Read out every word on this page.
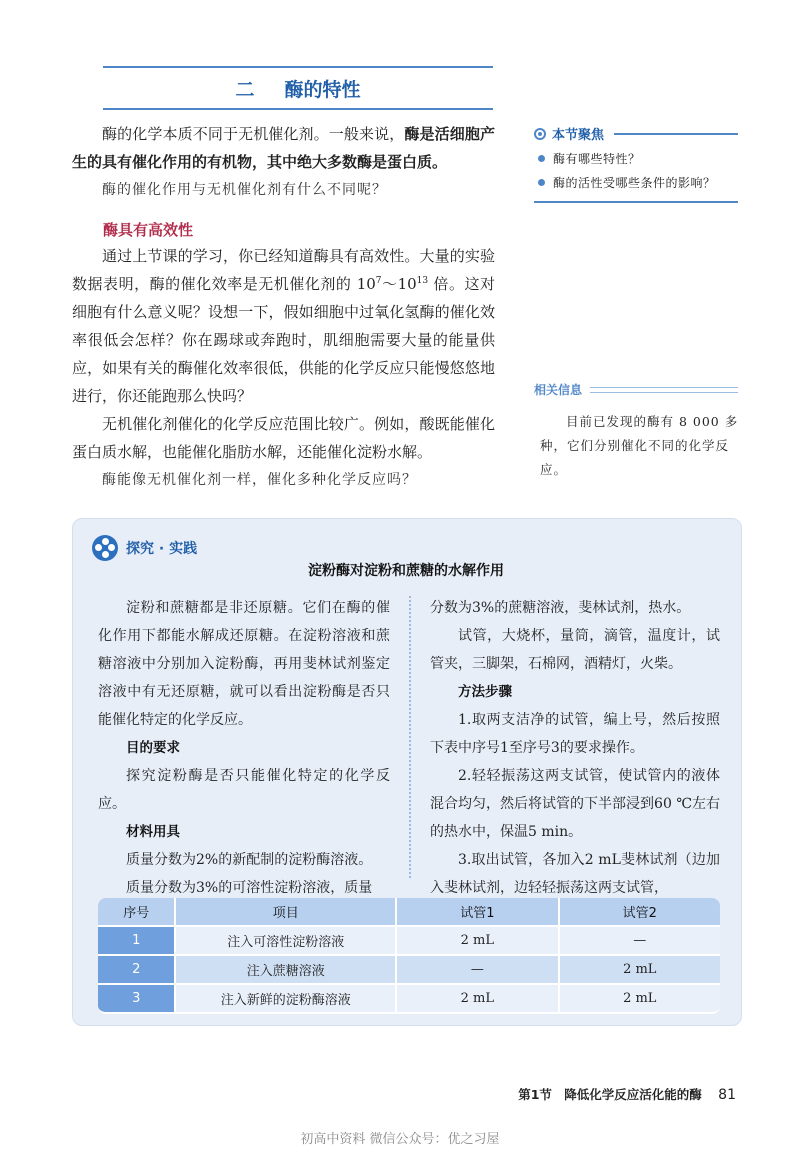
二 酶的特性

酶的化学本质不同于无机催化剂。一般来说，酶是活细胞产生的具有催化作用的有机物，其中绝大多数酶是蛋白质。

酶的催化作用与无机催化剂有什么不同呢？

酶具有高效性

通过上节课的学习，你已经知道酶具有高效性。大量的实验数据表明，酶的催化效率是无机催化剂的 $10^7\sim 10^{13}$ 倍。这对细胞有什么意义呢？设想一下，假如细胞中过氧化氢酶的催化效率很低会怎样？你在踢球或奔跑时，肌细胞需要大量的能量供应，如果有关的酶催化效率很低，供能的化学反应只能慢悠悠地进行，你还能跑那么快吗？

无机催化剂催化的化学反应范围比较广。例如，酸既能催化蛋白质水解，也能催化脂肪水解，还能催化淀粉水解。

酶能像无机催化剂一样，催化多种化学反应吗？

本节聚焦
酶有哪些特性？
酶的活性受哪些条件的影响？
相关信息
目前已发现的酶有 8 000 多种，它们分别催化不同的化学反应。
探究 · 实践
淀粉酶对淀粉和蔗糖的水解作用

淀粉和蔗糖都是非还原糖。它们在酶的催化作用下都能水解成还原糖。在淀粉溶液和蔗糖溶液中分别加入淀粉酶，再用斐林试剂鉴定溶液中有无还原糖，就可以看出淀粉酶是否只能催化特定的化学反应。

目的要求

探究淀粉酶是否只能催化特定的化学反应。

材料用具

质量分数为2%的新配制的淀粉酶溶液。

质量分数为3%的可溶性淀粉溶液，质量

分数为3%的蔗糖溶液，斐林试剂，热水。

试管，大烧杯，量筒，滴管，温度计，试管夹，三脚架，石棉网，酒精灯，火柴。

方法步骤

1.取两支洁净的试管，编上号，然后按照下表中序号1至序号3的要求操作。

2.轻轻振荡这两支试管，使试管内的液体混合均匀，然后将试管的下半部浸到60 ℃左右的热水中，保温5 min。

3.取出试管，各加入2 mL斐林试剂（边加入斐林试剂，边轻轻振荡这两支试管，

序号	项目	试管1	试管2
1	注入可溶性淀粉溶液	2 mL	—
2	注入蔗糖溶液	—	2 mL
3	注入新鲜的淀粉酶溶液	2 mL	2 mL
第1节 降低化学反应活化能的酶 81
初高中资料 微信公众号：优之习屋
